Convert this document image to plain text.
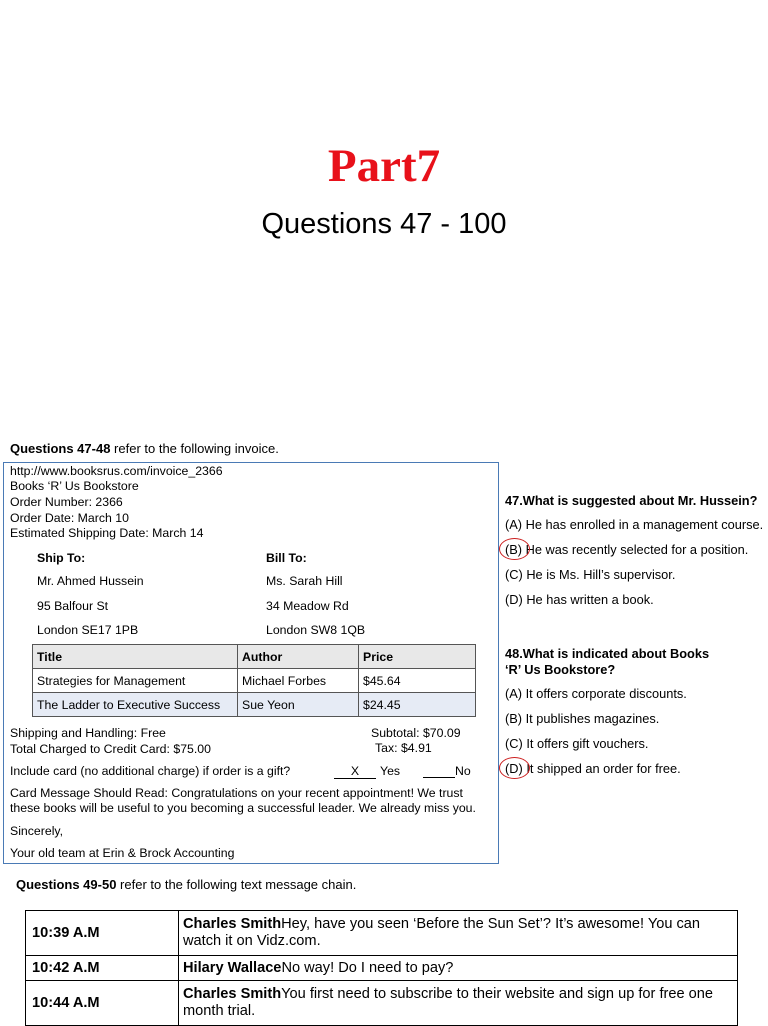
Part7
Questions 47 - 100
Questions 47-48 refer to the following invoice.
http://www.booksrus.com/invoice_2366
Books ‘R’ Us Bookstore
Order Number: 2366
Order Date: March 10
Estimated Shipping Date: March 14
Ship To:
Mr. Ahmed Hussein
95 Balfour St
London SE17 1PB
Bill To:
Ms. Sarah Hill
34 Meadow Rd
London SW8 1QB
Title	Author	Price
Strategies for Management	Michael Forbes	$45.64
The Ladder to Executive Success	Sue Yeon	$24.45
Shipping and Handling: Free
Total Charged to Credit Card: $75.00
Subtotal: $70.09
Tax: $4.91
Include card (no additional charge) if order is a gift?	X	Yes	No
Card Message Should Read: Congratulations on your recent appointment! We trust
these books will be useful to you becoming a successful leader. We already miss you.
Sincerely,
Your old team at Erin & Brock Accounting
47.What is suggested about Mr. Hussein?
(A) He has enrolled in a management course.
(B) He was recently selected for a position.
(C) He is Ms. Hill’s supervisor.
(D) He has written a book.
48.What is indicated about Books
‘R’ Us Bookstore?
(A) It offers corporate discounts.
(B) It publishes magazines.
(C) It offers gift vouchers.
(D) It shipped an order for free.
Questions 49-50 refer to the following text message chain.
10:39 A.M	Charles SmithHey, have you seen ‘Before the Sun Set’? It’s awesome! You can watch it on Vidz.com.
10:42 A.M	Hilary WallaceNo way! Do I need to pay?
10:44 A.M	Charles SmithYou first need to subscribe to their website and sign up for free one month trial.
